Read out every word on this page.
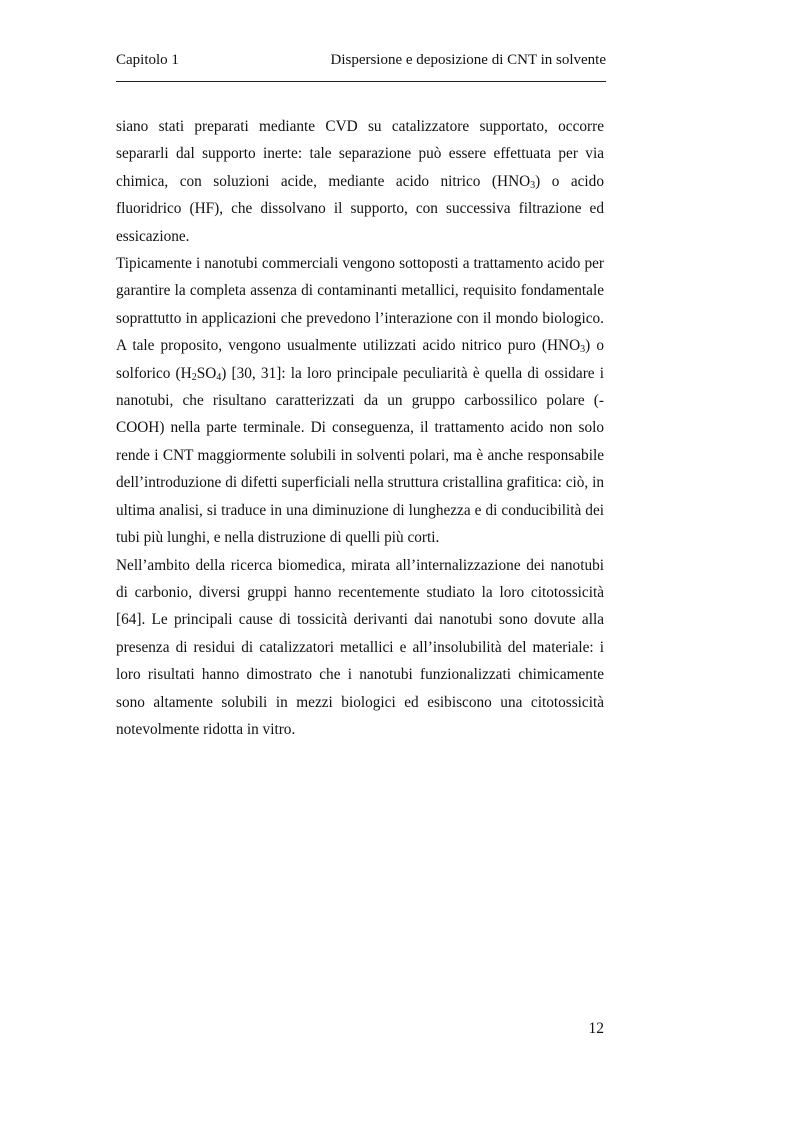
Capitolo 1	Dispersione e deposizione di CNT in solvente

siano stati preparati mediante CVD su catalizzatore supportato, occorre separarli dal supporto inerte: tale separazione può essere effettuata per via chimica, con soluzioni acide, mediante acido nitrico $(HNO_3)$ o acido fluoridrico (HF), che dissolvano il supporto, con successiva filtrazione ed essicazione.

Tipicamente i nanotubi commerciali vengono sottoposti a trattamento acido per garantire la completa assenza di contaminanti metallici, requisito fondamentale soprattutto in applicazioni che prevedono l’interazione con il mondo biologico. A tale proposito, vengono usualmente utilizzati acido nitrico puro $(HNO_3)$ o solforico $(H_2SO_4)$ [30, 31]: la loro principale peculiarità è quella di ossidare i nanotubi, che risultano caratterizzati da un gruppo carbossilico polare (-COOH) nella parte terminale. Di conseguenza, il trattamento acido non solo rende i CNT maggiormente solubili in solventi polari, ma è anche responsabile dell’introduzione di difetti superficiali nella struttura cristallina grafitica: ciò, in ultima analisi, si traduce in una diminuzione di lunghezza e di conducibilità dei tubi più lunghi, e nella distruzione di quelli più corti.

Nell’ambito della ricerca biomedica, mirata all’internalizzazione dei nanotubi di carbonio, diversi gruppi hanno recentemente studiato la loro citotossicità [64]. Le principali cause di tossicità derivanti dai nanotubi sono dovute alla presenza di residui di catalizzatori metallici e all’insolubilità del materiale: i loro risultati hanno dimostrato che i nanotubi funzionalizzati chimicamente sono altamente solubili in mezzi biologici ed esibiscono una citotossicità notevolmente ridotta in vitro.

12
